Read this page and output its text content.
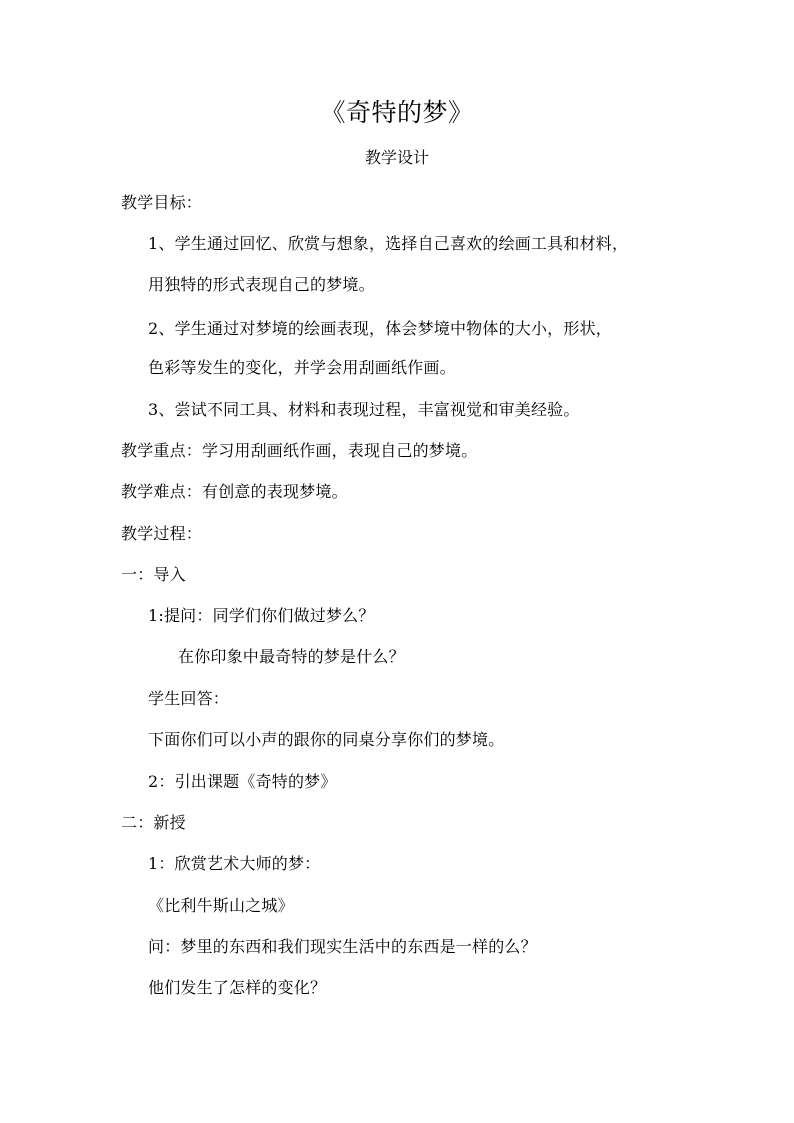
《奇特的梦》
教学设计
教学目标：
1、学生通过回忆、欣赏与想象，选择自己喜欢的绘画工具和材料，
用独特的形式表现自己的梦境。
2、学生通过对梦境的绘画表现，体会梦境中物体的大小，形状，
色彩等发生的变化，并学会用刮画纸作画。
3、尝试不同工具、材料和表现过程，丰富视觉和审美经验。
教学重点：学习用刮画纸作画，表现自己的梦境。
教学难点：有创意的表现梦境。
教学过程：
一：导入
1:提问：同学们你们做过梦么？
在你印象中最奇特的梦是什么？
学生回答：
下面你们可以小声的跟你的同桌分享你们的梦境。
2：引出课题《奇特的梦》
二：新授
1：欣赏艺术大师的梦：
《比利牛斯山之城》
问：梦里的东西和我们现实生活中的东西是一样的么？
他们发生了怎样的变化？
